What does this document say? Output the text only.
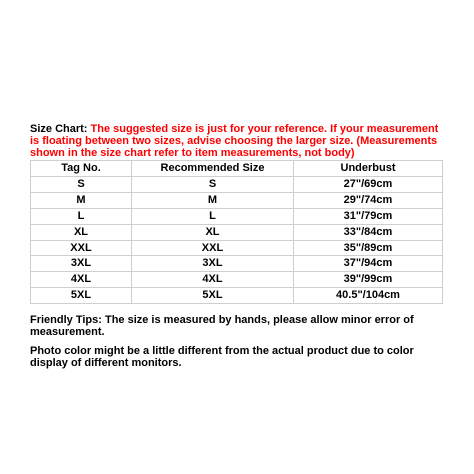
Size Chart: The suggested size is just for your reference. If your measurement is floating between two sizes, advise choosing the larger size. (Measurements shown in the size chart refer to item measurements, not body)

Tag No.	Recommended Size	Underbust
S	S	27"/69cm
M	M	29"/74cm
L	L	31"/79cm
XL	XL	33"/84cm
XXL	XXL	35"/89cm
3XL	3XL	37"/94cm
4XL	4XL	39"/99cm
5XL	5XL	40.5"/104cm

Friendly Tips: The size is measured by hands, please allow minor error of measurement.

Photo color might be a little different from the actual product due to color display of different monitors.
